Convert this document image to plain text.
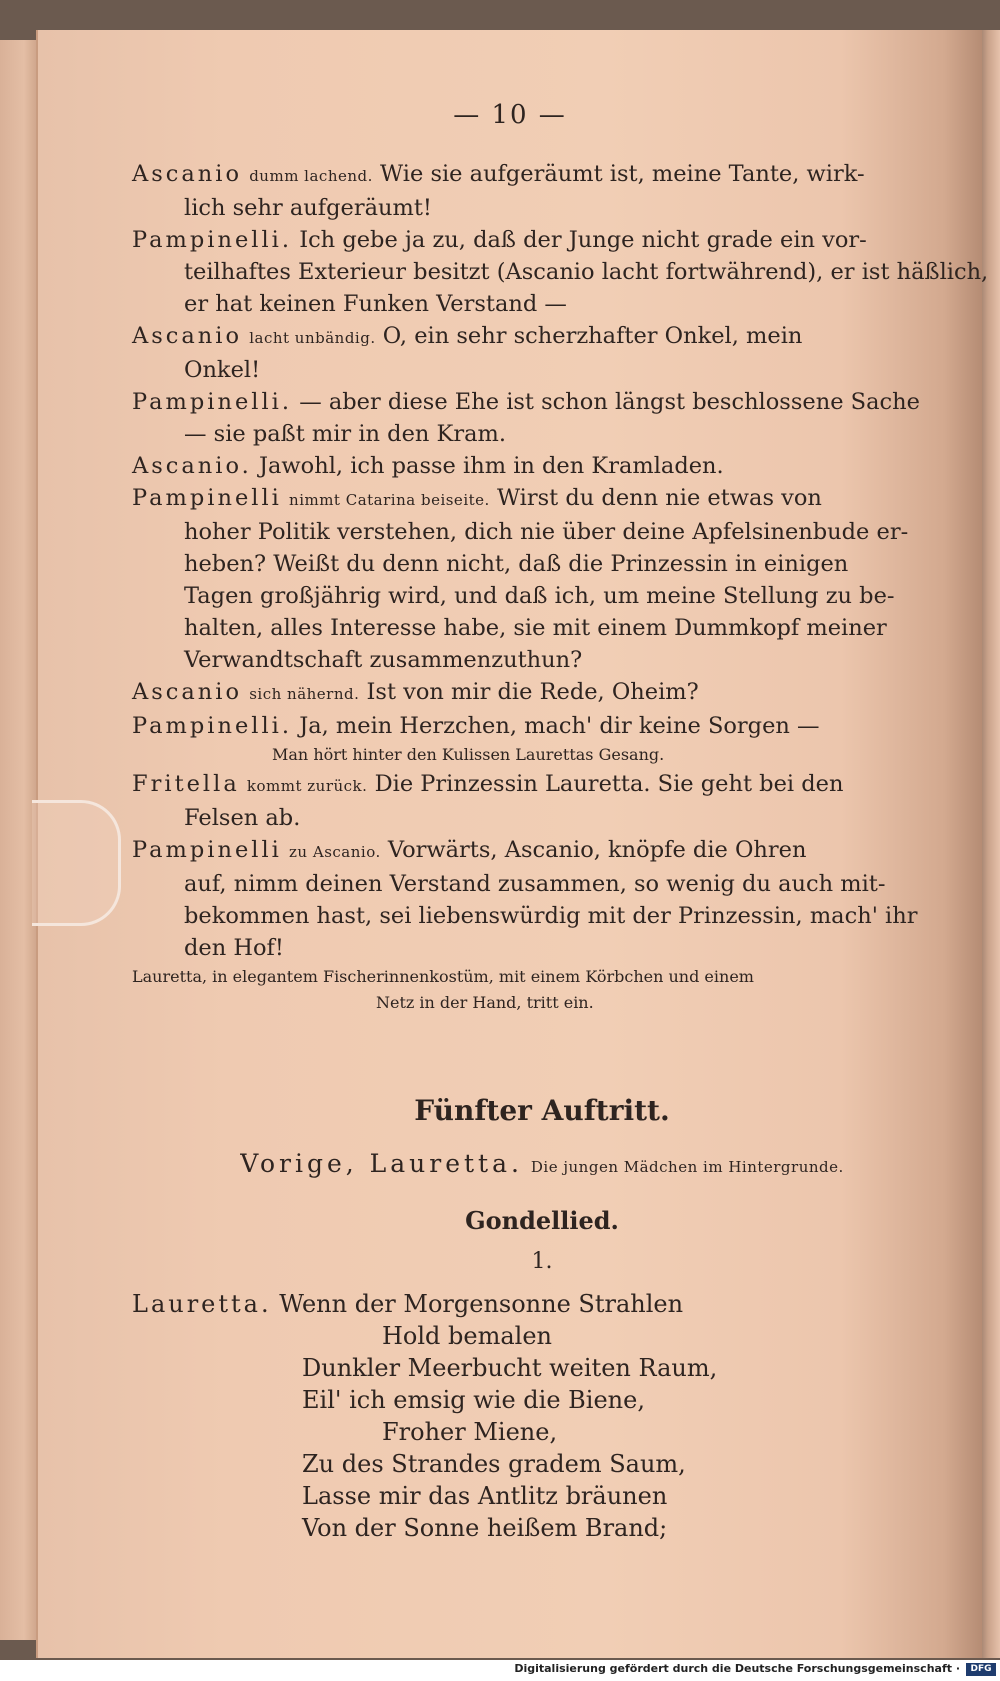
— 10 —
Ascanio dumm lachend. Wie sie aufgeräumt ist, meine Tante, wirk-
lich sehr aufgeräumt!
Pampinelli. Ich gebe ja zu, daß der Junge nicht grade ein vor-
teilhaftes Exterieur besitzt (Ascanio lacht fortwährend), er ist häßlich,
er hat keinen Funken Verstand —
Ascanio lacht unbändig. O, ein sehr scherzhafter Onkel, mein
Onkel!
Pampinelli. — aber diese Ehe ist schon längst beschlossene Sache
— sie paßt mir in den Kram.
Ascanio. Jawohl, ich passe ihm in den Kramladen.
Pampinelli nimmt Catarina beiseite. Wirst du denn nie etwas von
hoher Politik verstehen, dich nie über deine Apfelsinenbude er-
heben? Weißt du denn nicht, daß die Prinzessin in einigen
Tagen großjährig wird, und daß ich, um meine Stellung zu be-
halten, alles Interesse habe, sie mit einem Dummkopf meiner
Verwandtschaft zusammenzuthun?
Ascanio sich nähernd. Ist von mir die Rede, Oheim?
Pampinelli. Ja, mein Herzchen, mach' dir keine Sorgen —
Man hört hinter den Kulissen Laurettas Gesang.
Fritella kommt zurück. Die Prinzessin Lauretta. Sie geht bei den
Felsen ab.
Pampinelli zu Ascanio. Vorwärts, Ascanio, knöpfe die Ohren
auf, nimm deinen Verstand zusammen, so wenig du auch mit-
bekommen hast, sei liebenswürdig mit der Prinzessin, mach' ihr
den Hof!
Lauretta, in elegantem Fischerinnenkostüm, mit einem Körbchen und einem
Netz in der Hand, tritt ein.
Fünfter Auftritt.
Vorige, Lauretta. Die jungen Mädchen im Hintergrunde.
Gondellied.
1.
Lauretta. Wenn der Morgensonne Strahlen
Hold bemalen
Dunkler Meerbucht weiten Raum,
Eil' ich emsig wie die Biene,
Froher Miene,
Zu des Strandes gradem Saum,
Lasse mir das Antlitz bräunen
Von der Sonne heißem Brand;
Digitalisierung gefördert durch die Deutsche Forschungsgemeinschaft ·	DFG
